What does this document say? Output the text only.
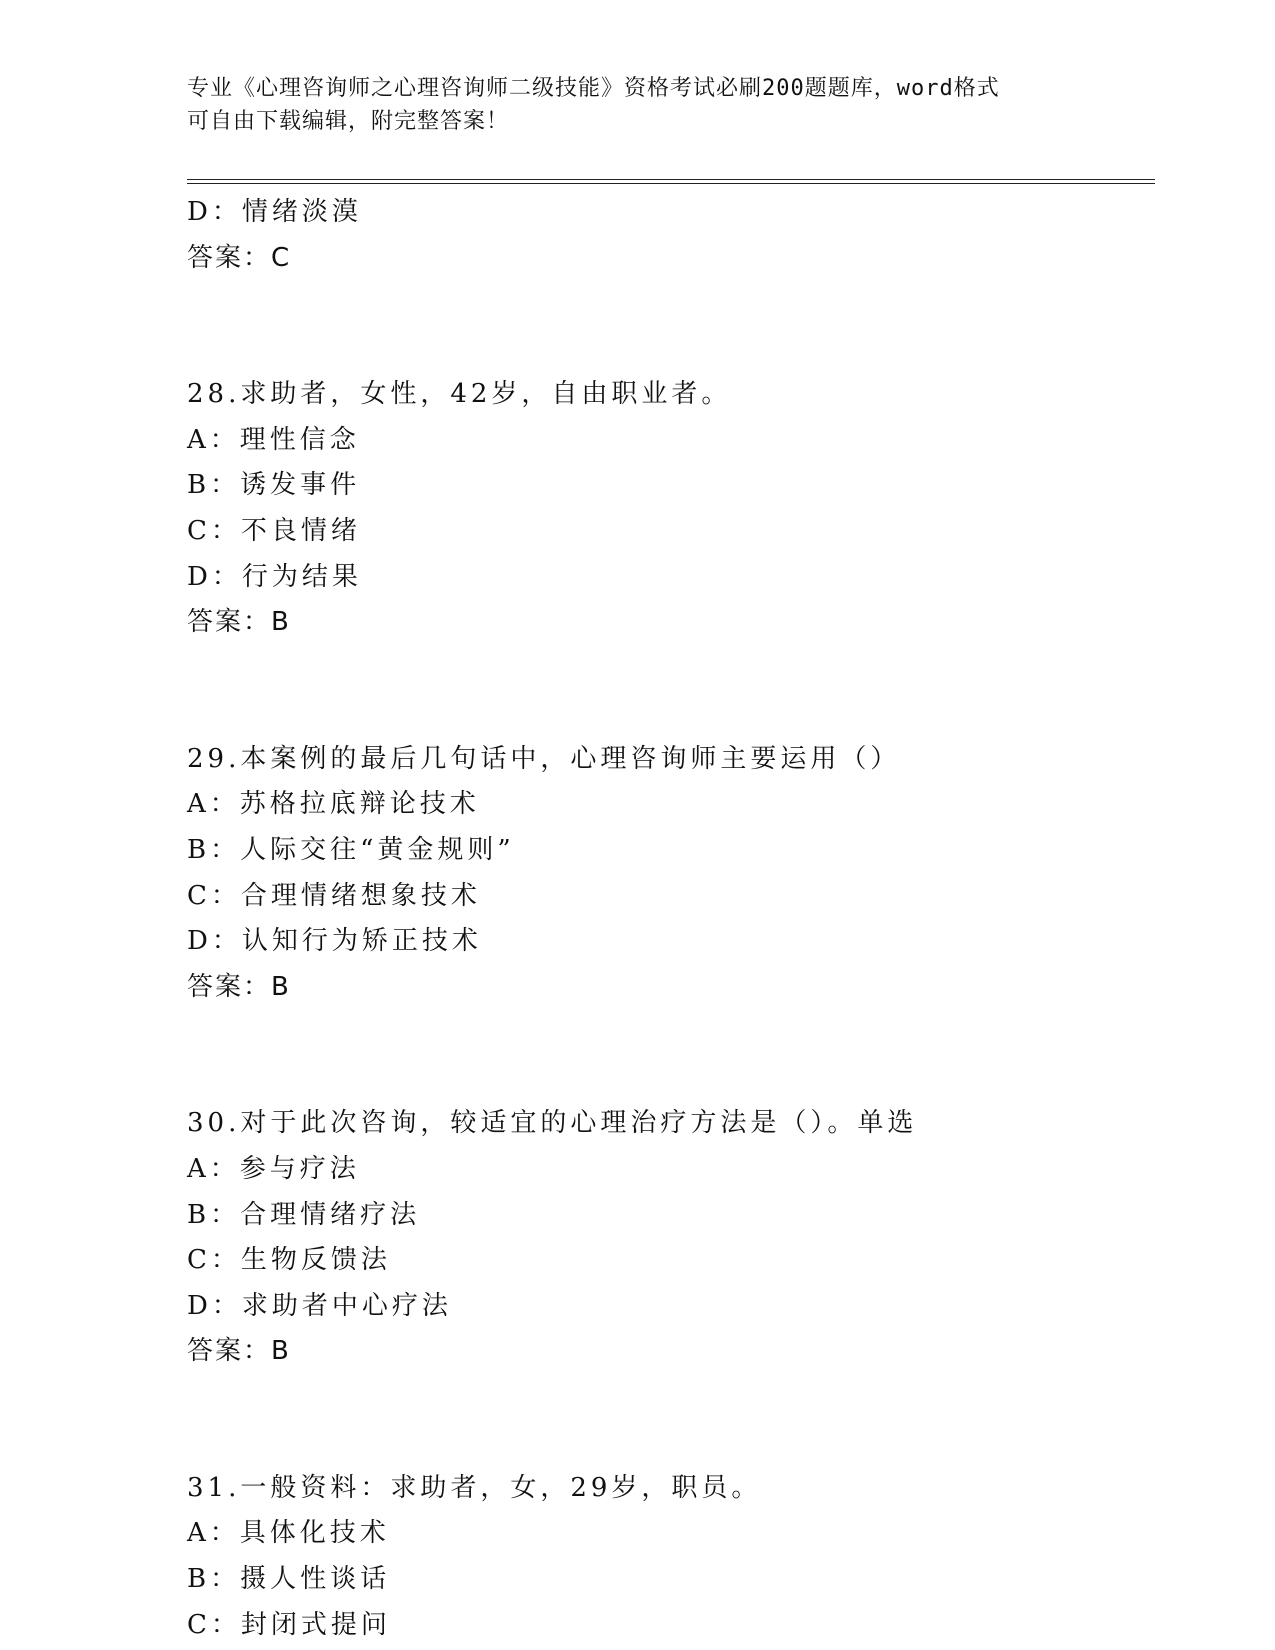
专业《心理咨询师之心理咨询师二级技能》资格考试必刷200题题库，word格式
可自由下载编辑，附完整答案！
D：情绪淡漠
答案：C
28.求助者，女性，42岁，自由职业者。
A：理性信念
B：诱发事件
C：不良情绪
D：行为结果
答案：B
29.本案例的最后几句话中，心理咨询师主要运用（）
A：苏格拉底辩论技术
B：人际交往“黄金规则”
C：合理情绪想象技术
D：认知行为矫正技术
答案：B
30.对于此次咨询，较适宜的心理治疗方法是（）。单选
A：参与疗法
B：合理情绪疗法
C：生物反馈法
D：求助者中心疗法
答案：B
31.一般资料：求助者，女，29岁，职员。
A：具体化技术
B：摄人性谈话
C：封闭式提问
